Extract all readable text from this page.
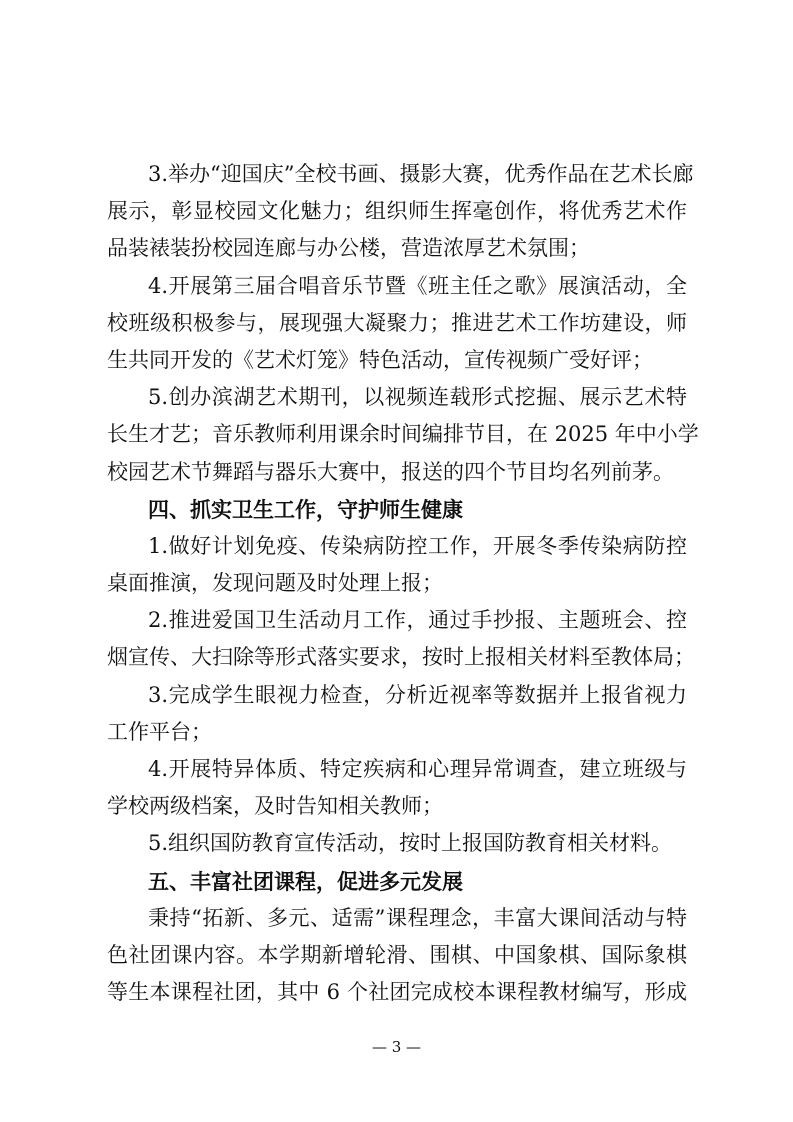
3.举办“迎国庆”全校书画、摄影大赛，优秀作品在艺术长廊
展示，彰显校园文化魅力；组织师生挥毫创作，将优秀艺术作
品装裱装扮校园连廊与办公楼，营造浓厚艺术氛围；
4.开展第三届合唱音乐节暨《班主任之歌》展演活动，全
校班级积极参与，展现强大凝聚力；推进艺术工作坊建设，师
生共同开发的《艺术灯笼》特色活动，宣传视频广受好评；
5.创办滨湖艺术期刊，以视频连载形式挖掘、展示艺术特
长生才艺；音乐教师利用课余时间编排节目，在 2025 年中小学
校园艺术节舞蹈与器乐大赛中，报送的四个节目均名列前茅。
四、抓实卫生工作，守护师生健康
1.做好计划免疫、传染病防控工作，开展冬季传染病防控
桌面推演，发现问题及时处理上报；
2.推进爱国卫生活动月工作，通过手抄报、主题班会、控
烟宣传、大扫除等形式落实要求，按时上报相关材料至教体局；
3.完成学生眼视力检查，分析近视率等数据并上报省视力
工作平台；
4.开展特异体质、特定疾病和心理异常调查，建立班级与
学校两级档案，及时告知相关教师；
5.组织国防教育宣传活动，按时上报国防教育相关材料。
五、丰富社团课程，促进多元发展
秉持“拓新、多元、适需”课程理念，丰富大课间活动与特
色社团课内容。本学期新增轮滑、围棋、中国象棋、国际象棋
等生本课程社团，其中 6 个社团完成校本课程教材编写，形成
— 3 —
